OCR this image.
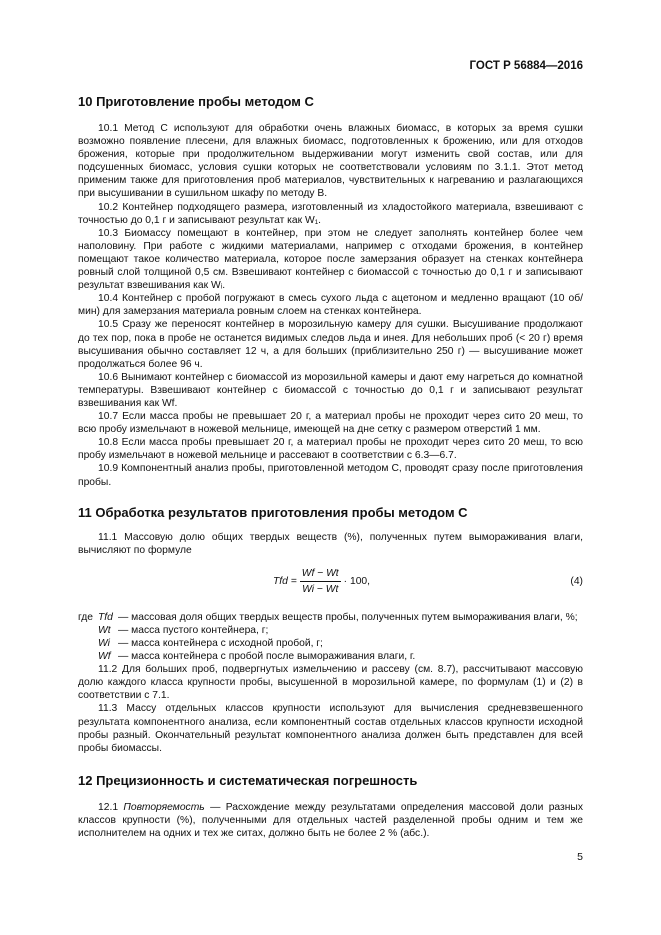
ГОСТ Р 56884—2016
10 Приготовление пробы методом С

10.1 Метод С используют для обработки очень влажных биомасс, в которых за время сушки возможно появление плесени, для влажных биомасс, подготовленных к брожению, или для отходов брожения, которые при продолжительном выдерживании могут изменить свой состав, или для подсушенных биомасс, условия сушки которых не соответствовали условиям по 3.1.1. Этот метод применим также для приготовления проб материалов, чувствительных к нагреванию и разлагающихся при высушивании в сушильном шкафу по методу В.

10.2 Контейнер подходящего размера, изготовленный из хладостойкого материала, взвешивают с точностью до 0,1 г и записывают результат как W₁.

10.3 Биомассу помещают в контейнер, при этом не следует заполнять контейнер более чем наполовину. При работе с жидкими материалами, например с отходами брожения, в контейнер помещают такое количество материала, которое после замерзания образует на стенках контейнера ровный слой толщиной 0,5 см. Взвешивают контейнер с биомассой с точностью до 0,1 г и записывают результат взвешивания как Wᵢ.

10.4 Контейнер с пробой погружают в смесь сухого льда с ацетоном и медленно вращают (10 об/мин) для замерзания материала ровным слоем на стенках контейнера.

10.5 Сразу же переносят контейнер в морозильную камеру для сушки. Высушивание продолжают до тех пор, пока в пробе не останется видимых следов льда и инея. Для небольших проб (< 20 г) время высушивания обычно составляет 12 ч, а для больших (приблизительно 250 г) — высушивание может продолжаться более 96 ч.

10.6 Вынимают контейнер с биомассой из морозильной камеры и дают ему нагреться до комнатной температуры. Взвешивают контейнер с биомассой с точностью до 0,1 г и записывают результат взвешивания как Wf.

10.7 Если масса пробы не превышает 20 г, а материал пробы не проходит через сито 20 меш, то всю пробу измельчают в ножевой мельнице, имеющей на дне сетку с размером отверстий 1 мм.

10.8 Если масса пробы превышает 20 г, а материал пробы не проходит через сито 20 меш, то всю пробу измельчают в ножевой мельнице и рассевают в соответствии с 6.3—6.7.

10.9 Компонентный анализ пробы, приготовленной методом С, проводят сразу после приготовления пробы.

11 Обработка результатов приготовления пробы методом С

11.1 Массовую долю общих твердых веществ (%), полученных путем вымораживания влаги, вычисляют по формуле

Tfd = $\frac{Wf - Wt}{Wi - Wt} \cdot 100$,	(4)
где Tfd — массовая доля общих твердых веществ пробы, полученных путем вымораживания влаги, %;
Wt — масса пустого контейнера, г;
Wi — масса контейнера с исходной пробой, г;
Wf — масса контейнера с пробой после вымораживания влаги, г.

11.2 Для больших проб, подвергнутых измельчению и рассеву (см. 8.7), рассчитывают массовую долю каждого класса крупности пробы, высушенной в морозильной камере, по формулам (1) и (2) в соответствии с 7.1.

11.3 Массу отдельных классов крупности используют для вычисления средневзвешенного результата компонентного анализа, если компонентный состав отдельных классов крупности исходной пробы разный. Окончательный результат компонентного анализа должен быть представлен для всей пробы биомассы.

12 Прецизионность и систематическая погрешность

12.1 Повторяемость — Расхождение между результатами определения массовой доли разных классов крупности (%), полученными для отдельных частей разделенной пробы одним и тем же исполнителем на одних и тех же ситах, должно быть не более 2 % (абс.).

5
